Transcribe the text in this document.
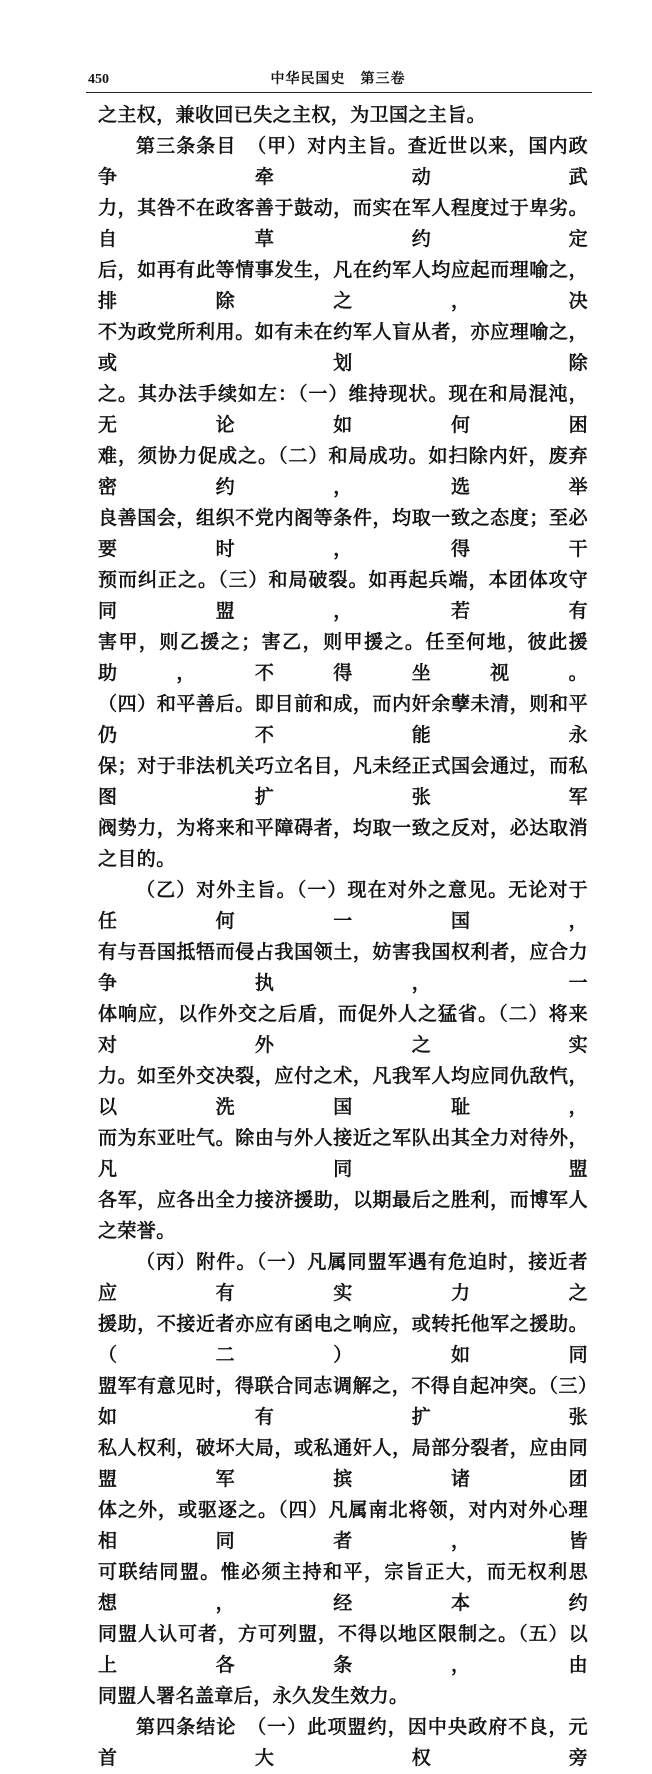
450	中华民国史　第三卷

之主权，兼收回已失之主权，为卫国之主旨。

第三条条目　（甲）对内主旨。查近世以来，国内政争牵动武

力，其咎不在政客善于鼓动，而实在军人程度过于卑劣。自草约定

后，如再有此等情事发生，凡在约军人均应起而理喻之，排除之，决

不为政党所利用。如有未在约军人盲从者，亦应理喻之，或划除

之。其办法手续如左：（一）维持现状。现在和局混沌，无论如何困

难，须协力促成之。（二）和局成功。如扫除内奸，废弃密约，选举

良善国会，组织不党内阁等条件，均取一致之态度；至必要时，得干

预而纠正之。（三）和局破裂。如再起兵端，本团体攻守同盟，若有

害甲，则乙援之；害乙，则甲援之。任至何地，彼此援助，不得坐视。

（四）和平善后。即目前和成，而内奸余孽未清，则和平仍不能永

保；对于非法机关巧立名目，凡未经正式国会通过，而私图扩张军

阀势力，为将来和平障碍者，均取一致之反对，必达取消之目的。

（乙）对外主旨。（一）现在对外之意见。无论对于任何一国，

有与吾国抵牾而侵占我国领土，妨害我国权利者，应合力争执，一

体响应，以作外交之后盾，而促外人之猛省。（二）将来对外之实

力。如至外交决裂，应付之术，凡我军人均应同仇敌忾，以洗国耻，

而为东亚吐气。除由与外人接近之军队出其全力对待外，凡同盟

各军，应各出全力接济援助，以期最后之胜利，而博军人之荣誉。

（丙）附件。（一）凡属同盟军遇有危迫时，接近者应有实力之

援助，不接近者亦应有函电之响应，或转托他军之援助。（二）如同

盟军有意见时，得联合同志调解之，不得自起冲突。（三）如有扩张

私人权利，破坏大局，或私通奸人，局部分裂者，应由同盟军摈诸团

体之外，或驱逐之。（四）凡属南北将领，对内对外心理相同者，皆

可联结同盟。惟必须主持和平，宗旨正大，而无权利思想，经本约

同盟人认可者，方可列盟，不得以地区限制之。（五）以上各条，由

同盟人署名盖章后，永久发生效力。

第四条结论　（一）此项盟约，因中央政府不良，元首大权旁
